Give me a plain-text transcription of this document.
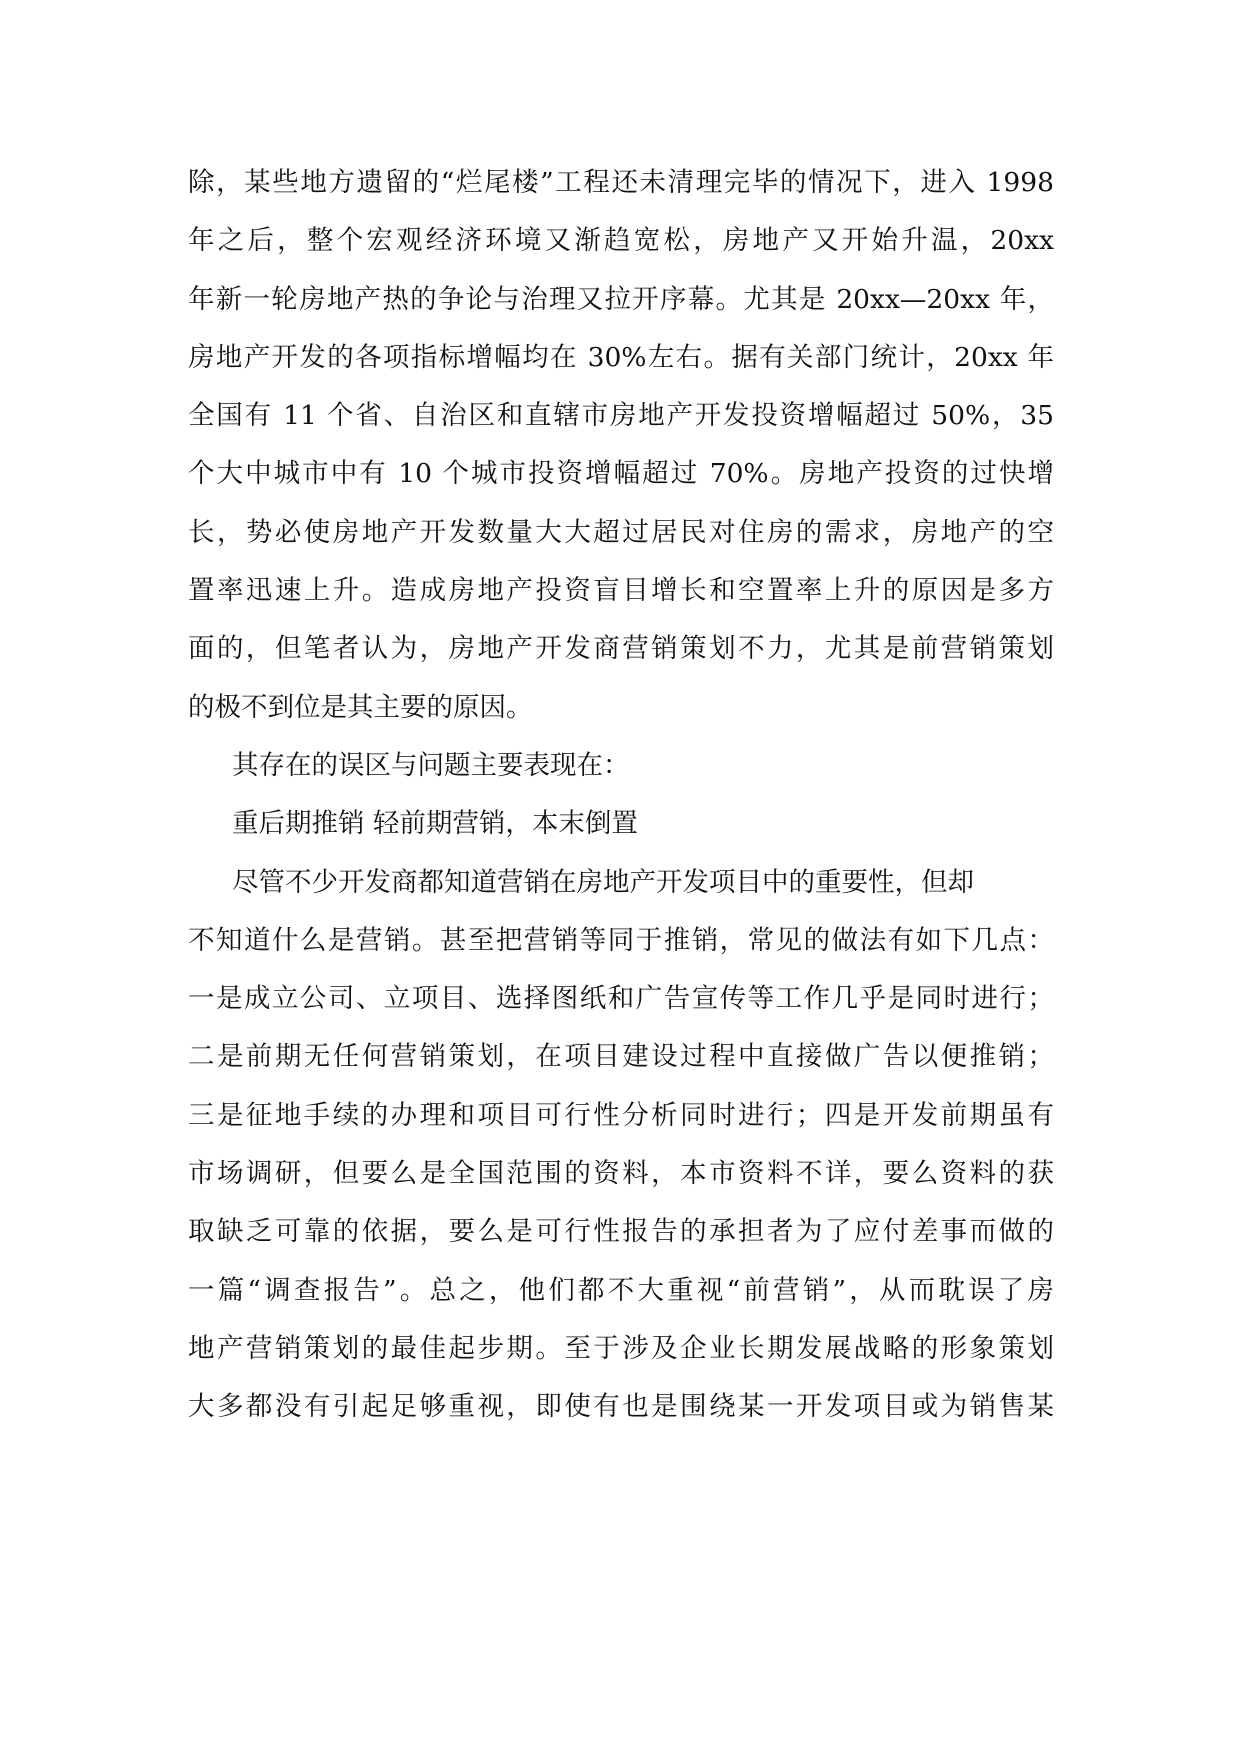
除，某些地方遗留的“烂尾楼”工程还未清理完毕的情况下，进入 1998
年之后，整个宏观经济环境又渐趋宽松，房地产又开始升温，20xx
年新一轮房地产热的争论与治理又拉开序幕。尤其是 20xx—20xx 年，
房地产开发的各项指标增幅均在 30%左右。据有关部门统计，20xx 年
全国有 11 个省、自治区和直辖市房地产开发投资增幅超过 50%，35
个大中城市中有 10 个城市投资增幅超过 70%。房地产投资的过快增
长，势必使房地产开发数量大大超过居民对住房的需求，房地产的空
置率迅速上升。造成房地产投资盲目增长和空置率上升的原因是多方
面的，但笔者认为，房地产开发商营销策划不力，尤其是前营销策划
的极不到位是其主要的原因。
其存在的误区与问题主要表现在：
重后期推销 轻前期营销，本末倒置
尽管不少开发商都知道营销在房地产开发项目中的重要性，但却
不知道什么是营销。甚至把营销等同于推销，常见的做法有如下几点：
一是成立公司、立项目、选择图纸和广告宣传等工作几乎是同时进行；
二是前期无任何营销策划，在项目建设过程中直接做广告以便推销；
三是征地手续的办理和项目可行性分析同时进行；四是开发前期虽有
市场调研，但要么是全国范围的资料，本市资料不详，要么资料的获
取缺乏可靠的依据，要么是可行性报告的承担者为了应付差事而做的
一篇“调查报告”。总之，他们都不大重视“前营销”，从而耽误了房
地产营销策划的最佳起步期。至于涉及企业长期发展战略的形象策划
大多都没有引起足够重视，即使有也是围绕某一开发项目或为销售某
